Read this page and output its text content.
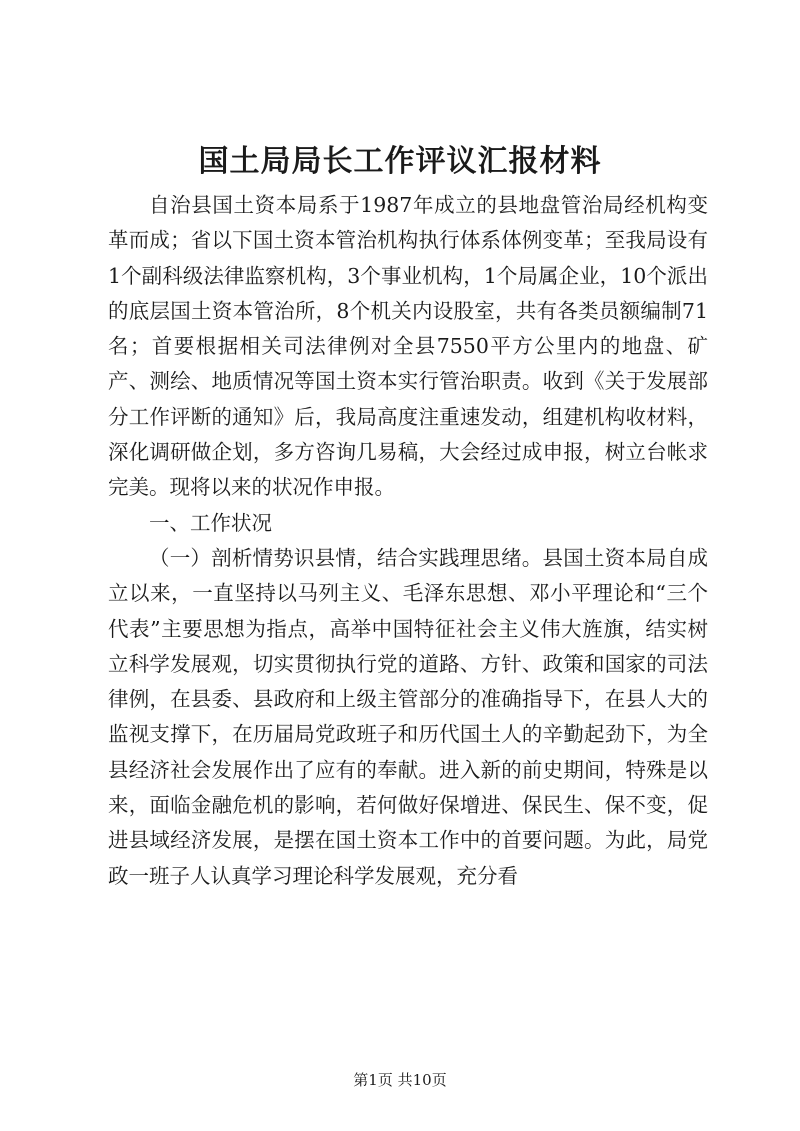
国土局局长工作评议汇报材料

自治县国土资本局系于1987年成立的县地盘管治局经机构变革而成；省以下国土资本管治机构执行体系体例变革；至我局设有1个副科级法律监察机构，3个事业机构，1个局属企业，10个派出的底层国土资本管治所，8个机关内设股室，共有各类员额编制71名；首要根据相关司法律例对全县7550平方公里内的地盘、矿产、测绘、地质情况等国土资本实行管治职责。收到《关于发展部分工作评断的通知》后，我局高度注重速发动，组建机构收材料，深化调研做企划，多方咨询几易稿，大会经过成申报，树立台帐求完美。现将以来的状况作申报。

一、工作状况

（一）剖析情势识县情，结合实践理思绪。县国土资本局自成立以来，一直坚持以马列主义、毛泽东思想、邓小平理论和“三个代表”主要思想为指点，高举中国特征社会主义伟大旌旗，结实树立科学发展观，切实贯彻执行党的道路、方针、政策和国家的司法律例，在县委、县政府和上级主管部分的准确指导下，在县人大的监视支撑下，在历届局党政班子和历代国土人的辛勤起劲下，为全县经济社会发展作出了应有的奉献。进入新的前史期间，特殊是以来，面临金融危机的影响，若何做好保增进、保民生、保不变，促进县域经济发展，是摆在国土资本工作中的首要问题。为此，局党政一班子人认真学习理论科学发展观，充分看

第1页 共10页
